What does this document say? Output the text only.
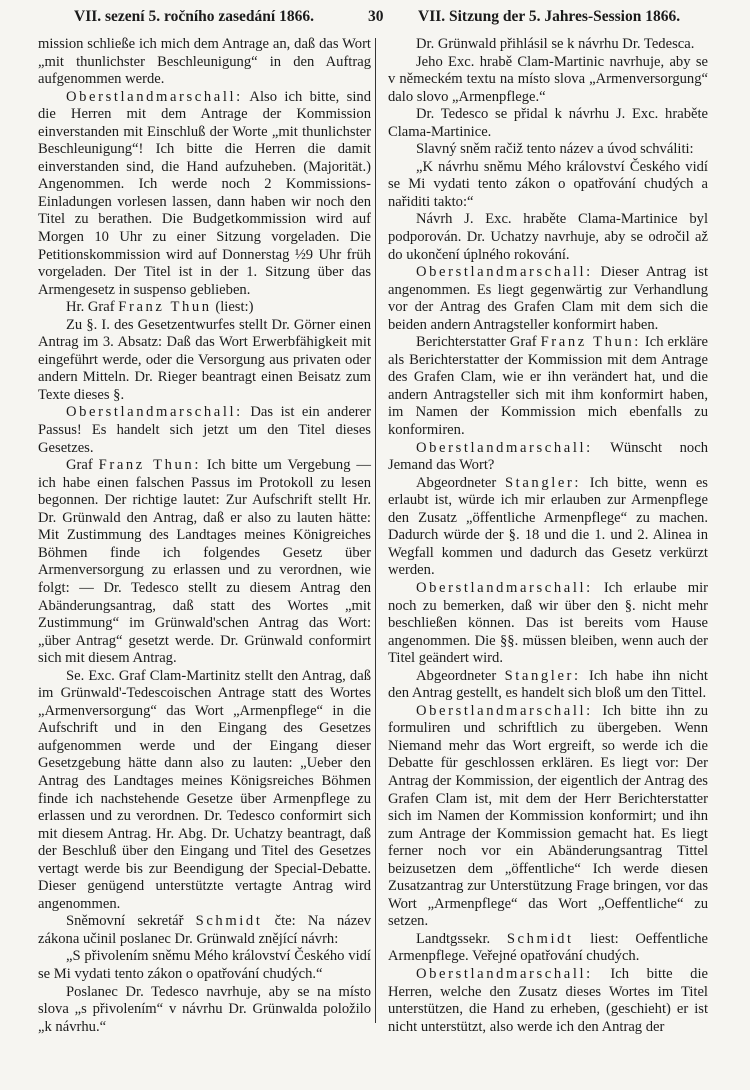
VII. sezení 5. ročního zasedání 1866.	30 VII. Sitzung der 5. Jahres-Session 1866.

mission schließe ich mich dem Antrage an, daß das Wort „mit thunlichster Beschleunigung“ in den Auftrag aufgenommen werde.

Oberstlandmarschall: Also ich bitte, sind die Herren mit dem Antrage der Kommission einverstanden mit Einschluß der Worte „mit thunlichster Beschleunigung“! Ich bitte die Herren die damit einverstanden sind, die Hand aufzuheben. (Majorität.) Angenommen. Ich werde noch 2 Kommissions-Einladungen vorlesen lassen, dann haben wir noch den Titel zu berathen. Die Budgetkommission wird auf Morgen 10 Uhr zu einer Sitzung vorgeladen. Die Petitionskommission wird auf Donnerstag ½9 Uhr früh vorgeladen. Der Titel ist in der 1. Sitzung über das Armengesetz in suspenso geblieben.

Hr. Graf Franz Thun (liest:)

Zu §. I. des Gesetzentwurfes stellt Dr. Görner einen Antrag im 3. Absatz: Daß das Wort Erwerbfähigkeit mit eingeführt werde, oder die Versorgung aus privaten oder andern Mitteln. Dr. Rieger beantragt einen Beisatz zum Texte dieses §.

Oberstlandmarschall: Das ist ein anderer Passus! Es handelt sich jetzt um den Titel dieses Gesetzes.

Graf Franz Thun: Ich bitte um Vergebung — ich habe einen falschen Passus im Protokoll zu lesen begonnen. Der richtige lautet: Zur Aufschrift stellt Hr. Dr. Grünwald den Antrag, daß er also zu lauten hätte: Mit Zustimmung des Landtages meines Königreiches Böhmen finde ich folgendes Gesetz über Armenversorgung zu erlassen und zu verordnen, wie folgt: — Dr. Tedesco stellt zu diesem Antrag den Abänderungsantrag, daß statt des Wortes „mit Zustimmung“ im Grünwald'schen Antrag das Wort: „über Antrag“ gesetzt werde. Dr. Grünwald conformirt sich mit diesem Antrag.

Se. Exc. Graf Clam-Martinitz stellt den Antrag, daß im Grünwald'-Tedescoischen Antrage statt des Wortes „Armenversorgung“ das Wort „Armenpflege“ in die Aufschrift und in den Eingang des Gesetzes aufgenommen werde und der Eingang dieser Gesetzgebung hätte dann also zu lauten: „Ueber den Antrag des Landtages meines Königsreiches Böhmen finde ich nachstehende Gesetze über Armenpflege zu erlassen und zu verordnen. Dr. Tedesco conformirt sich mit diesem Antrag. Hr. Abg. Dr. Uchatzy beantragt, daß der Beschluß über den Eingang und Titel des Gesetzes vertagt werde bis zur Beendigung der Special-Debatte. Dieser genügend unterstützte vertagte Antrag wird angenommen.

Sněmovní sekretář Schmidt čte: Na název zákona učinil poslanec Dr. Grünwald znějící návrh:

„S přivolením sněmu Mého království Českého vidí se Mi vydati tento zákon o opatřování chudých.“

Poslanec Dr. Tedesco navrhuje, aby se na místo slova „s přivolením“ v návrhu Dr. Grünwalda položilo „k návrhu.“

Dr. Grünwald přihlásil se k návrhu Dr. Tedesca.

Jeho Exc. hrabě Clam-Martinic navrhuje, aby se v německém textu na místo slova „Armenversorgung“ dalo slovo „Armenpflege.“

Dr. Tedesco se přidal k návrhu J. Exc. hraběte Clama-Martinice.

Slavný sněm račiž tento název a úvod schváliti:

„K návrhu sněmu Mého království Českého vidí se Mi vydati tento zákon o opatřování chudých a nařiditi takto:“

Návrh J. Exc. hraběte Clama-Martinice byl podporován. Dr. Uchatzy navrhuje, aby se odročil až do ukončení úplného rokování.

Oberstlandmarschall: Dieser Antrag ist angenommen. Es liegt gegenwärtig zur Verhandlung vor der Antrag des Grafen Clam mit dem sich die beiden andern Antragsteller konformirt haben.

Berichterstatter Graf Franz Thun: Ich erkläre als Berichterstatter der Kommission mit dem Antrage des Grafen Clam, wie er ihn verändert hat, und die andern Antragsteller sich mit ihm konformirt haben, im Namen der Kommission mich ebenfalls zu konformiren.

Oberstlandmarschall: Wünscht noch Jemand das Wort?

Abgeordneter Stangler: Ich bitte, wenn es erlaubt ist, würde ich mir erlauben zur Armenpflege den Zusatz „öffentliche Armenpflege“ zu machen. Dadurch würde der §. 18 und die 1. und 2. Alinea in Wegfall kommen und dadurch das Gesetz verkürzt werden.

Oberstlandmarschall: Ich erlaube mir noch zu bemerken, daß wir über den §. nicht mehr beschließen können. Das ist bereits vom Hause angenommen. Die §§. müssen bleiben, wenn auch der Titel geändert wird.

Abgeordneter Stangler: Ich habe ihn nicht den Antrag gestellt, es handelt sich bloß um den Tittel.

Oberstlandmarschall: Ich bitte ihn zu formuliren und schriftlich zu übergeben. Wenn Niemand mehr das Wort ergreift, so werde ich die Debatte für geschlossen erklären. Es liegt vor: Der Antrag der Kommission, der eigentlich der Antrag des Grafen Clam ist, mit dem der Herr Berichterstatter sich im Namen der Kommission konformirt; und ihn zum Antrage der Kommission gemacht hat. Es liegt ferner noch vor ein Abänderungsantrag Tittel beizusetzen dem „öffentliche“ Ich werde diesen Zusatzantrag zur Unterstützung Frage bringen, vor das Wort „Armenpflege“ das Wort „Oeffentliche“ zu setzen.

Landtgssekr. Schmidt liest: Oeffentliche Armenpflege. Veřejné opatřování chudých.

Oberstlandmarschall: Ich bitte die Herren, welche den Zusatz dieses Wortes im Titel unterstützen, die Hand zu erheben, (geschieht) er ist nicht unterstützt, also werde ich den Antrag der
